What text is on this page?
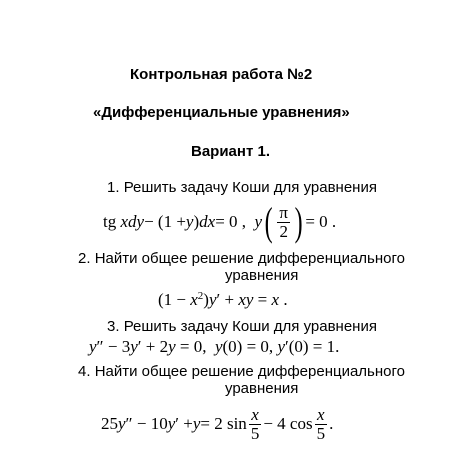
Контрольная работа №2
«Дифференциальные уравнения»
Вариант 1.
1. Решить задачу Коши для уравнения
tg
xdy − (1 + y ) dx = 0 ,
y ( $\frac{\pi}{2}$ ) = 0 .
2. Найти общее решение дифференциального
уравнения
$(1 - x^2)y'$ + xy = x .
3. Решить задачу Коши для уравнения
y″ − 3y′ + 2y = 0,  y(0) = 0, y′(0) = 1.
4. Найти общее решение дифференциального
уравнения
25 y ″ − 10 y ′ + y = 2 $\sin \frac{x}{5} - 4$ $\cos \frac{x}{5}$ .
